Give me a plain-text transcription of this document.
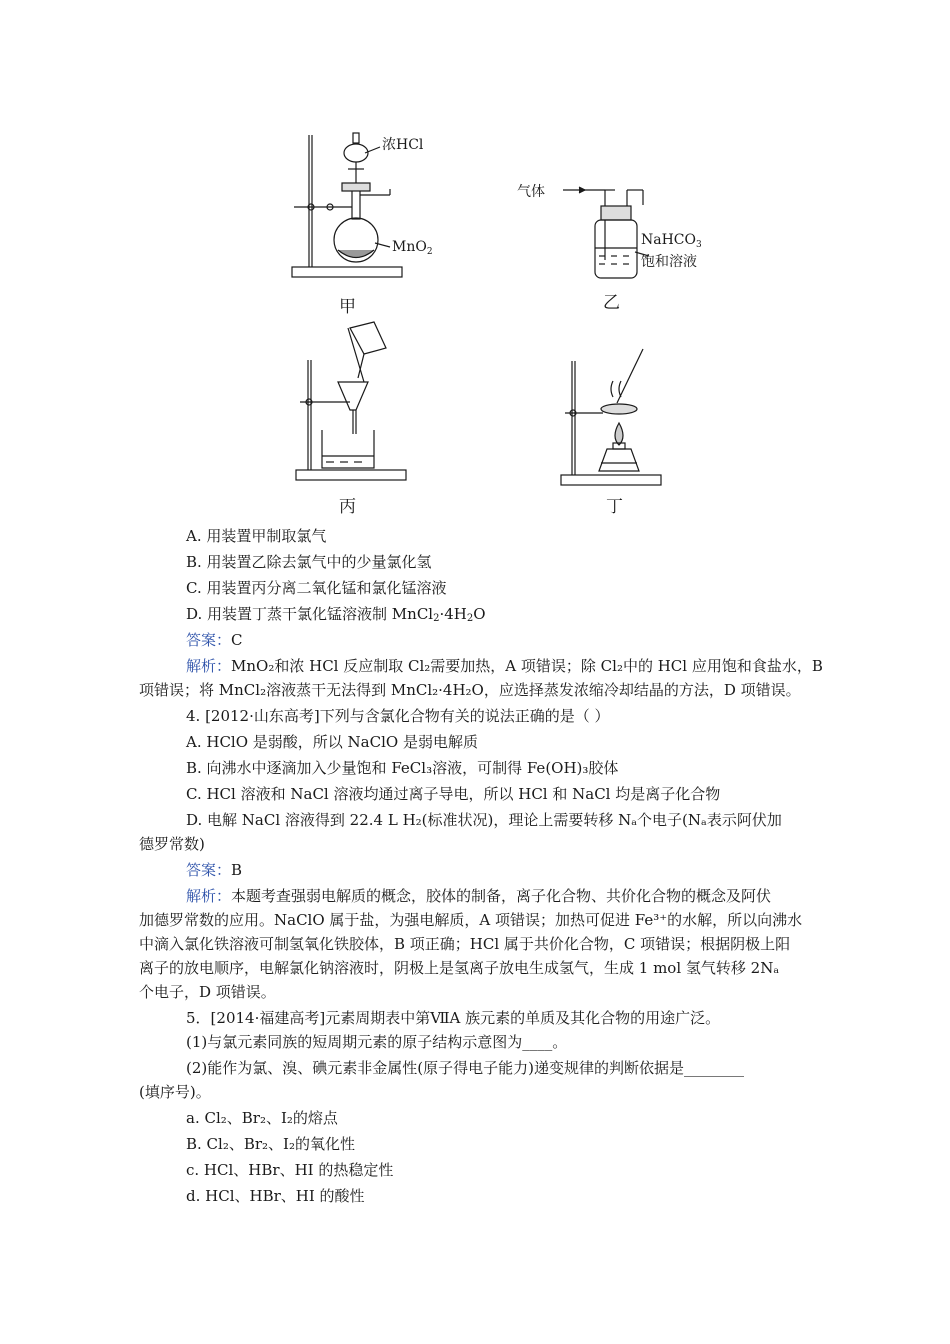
浓HCl
MnO$_2$
甲
气体
NaHCO$_3$
饱和溶液
乙
丙	丁
A. 用装置甲制取氯气
B. 用装置乙除去氯气中的少量氯化氢
C. 用装置丙分离二氧化锰和氯化锰溶液
D. 用装置丁蒸干氯化锰溶液制 $MnCl_2\cdot 4H_2O$
答案：C
解析：MnO₂和浓 HCl 反应制取 Cl₂需要加热，A 项错误；除 Cl₂中的 HCl 应用饱和食盐水，B
项错误；将 MnCl₂溶液蒸干无法得到 MnCl₂·4H₂O，应选择蒸发浓缩冷却结晶的方法，D 项错误。
4. [2012·山东高考]下列与含氯化合物有关的说法正确的是（ ）
A. HClO 是弱酸，所以 NaClO 是弱电解质
B. 向沸水中逐滴加入少量饱和 FeCl₃溶液，可制得 Fe(OH)₃胶体
C. HCl 溶液和 NaCl 溶液均通过离子导电，所以 HCl 和 NaCl 均是离子化合物
D. 电解 NaCl 溶液得到 22.4 L H₂(标准状况)，理论上需要转移 Nₐ个电子(Nₐ表示阿伏加
德罗常数)
答案：B
解析：本题考查强弱电解质的概念，胶体的制备，离子化合物、共价化合物的概念及阿伏
加德罗常数的应用。NaClO 属于盐，为强电解质，A 项错误；加热可促进 Fe³⁺的水解，所以向沸水
中滴入氯化铁溶液可制氢氧化铁胶体，B 项正确；HCl 属于共价化合物，C 项错误；根据阴极上阳
离子的放电顺序，电解氯化钠溶液时，阴极上是氢离子放电生成氢气，生成 1 mol 氢气转移 2Nₐ
个电子，D 项错误。
5．[2014·福建高考]元素周期表中第ⅦA 族元素的单质及其化合物的用途广泛。
(1)与氯元素同族的短周期元素的原子结构示意图为____。
(2)能作为氯、溴、碘元素非金属性(原子得电子能力)递变规律的判断依据是________
(填序号)。
a. Cl₂、Br₂、I₂的熔点
B. Cl₂、Br₂、I₂的氧化性
c. HCl、HBr、HI 的热稳定性
d. HCl、HBr、HI 的酸性
